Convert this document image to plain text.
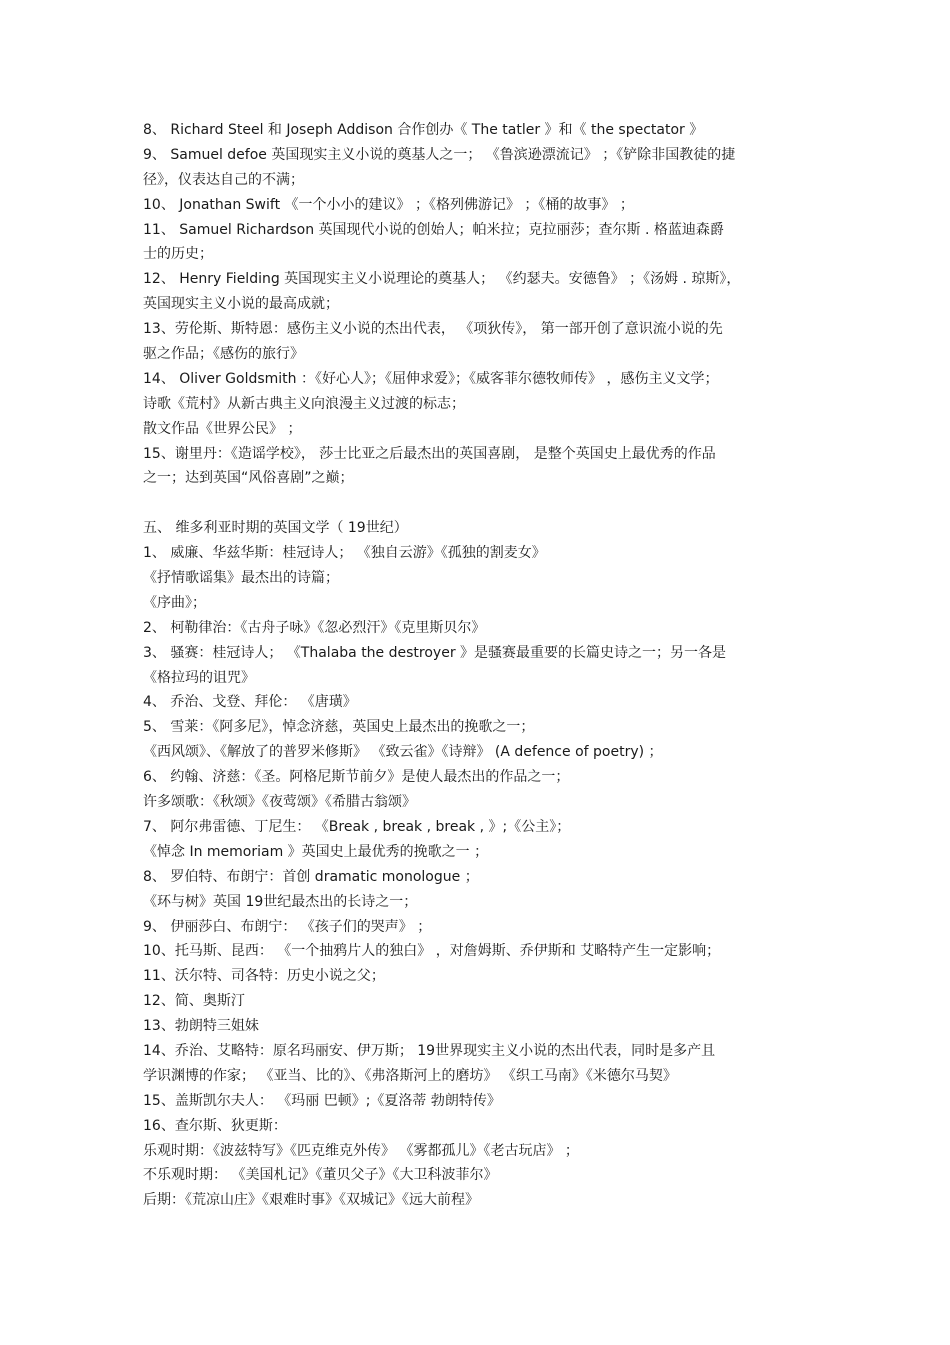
8、 Richard Steel 和 Joseph Addison 合作创办《 The tatler 》和《 the spectator 》
9、 Samuel defoe 英国现实主义小说的奠基人之一； 《鲁滨逊漂流记》 ；《铲除非国教徒的捷
径》，仪表达自己的不满；
10、 Jonathan Swift 《一个小小的建议》 ；《格列佛游记》 ；《桶的故事》 ；
11、 Samuel Richardson 英国现代小说的创始人；帕米拉；克拉丽莎；查尔斯 . 格蓝迪森爵
士的历史；
12、 Henry Fielding 英国现实主义小说理论的奠基人； 《约瑟夫。安德鲁》 ；《汤姆 . 琼斯》，
英国现实主义小说的最高成就；
13、劳伦斯、斯特恩：感伤主义小说的杰出代表， 《项狄传》， 第一部开创了意识流小说的先
驱之作品；《感伤的旅行》
14、 Oliver Goldsmith ：《好心人》；《屈伸求爱》；《威客菲尔德牧师传》 ，感伤主义文学；
诗歌《荒村》从新古典主义向浪漫主义过渡的标志；
散文作品《世界公民》 ；
15、谢里丹：《造谣学校》， 莎士比亚之后最杰出的英国喜剧， 是整个英国史上最优秀的作品
之一；达到英国“风俗喜剧”之巅；
五、 维多利亚时期的英国文学（ 19世纪）
1、 威廉、华兹华斯：桂冠诗人； 《独自云游》《孤独的割麦女》
《抒情歌谣集》最杰出的诗篇；
《序曲》；
2、 柯勒律治：《古舟子咏》《忽必烈汗》《克里斯贝尔》
3、 骚赛：桂冠诗人； 《Thalaba the destroyer 》是骚赛最重要的长篇史诗之一；另一各是
《格拉玛的诅咒》
4、 乔治、戈登、拜伦： 《唐璜》
5、 雪莱：《阿多尼》，悼念济慈，英国史上最杰出的挽歌之一；
《西风颂》、《解放了的普罗米修斯》 《致云雀》《诗辩》 (A defence of poetry) ；
6、 约翰、济慈：《圣。阿格尼斯节前夕》是使人最杰出的作品之一；
许多颂歌：《秋颂》《夜莺颂》《希腊古翁颂》
7、 阿尔弗雷德、丁尼生： 《Break , break , break , 》;《公主》；
《悼念 In memoriam 》英国史上最优秀的挽歌之一 ；
8、 罗伯特、布朗宁：首创 dramatic monologue ；
《环与树》英国 19世纪最杰出的长诗之一；
9、 伊丽莎白、布朗宁： 《孩子们的哭声》 ；
10、托马斯、昆西： 《一个抽鸦片人的独白》 ，对詹姆斯、乔伊斯和 艾略特产生一定影响；
11、沃尔特、司各特：历史小说之父；
12、简、奥斯汀
13、勃朗特三姐妹
14、乔治、艾略特：原名玛丽安、伊万斯； 19世界现实主义小说的杰出代表，同时是多产且
学识渊博的作家； 《亚当、比的》、《弗洛斯河上的磨坊》 《织工马南》《米德尔马契》
15、盖斯凯尔夫人： 《玛丽 巴顿》;《夏洛蒂 勃朗特传》
16、查尔斯、狄更斯：
乐观时期：《波兹特写》《匹克维克外传》 《雾都孤儿》《老古玩店》 ；
不乐观时期： 《美国札记》《董贝父子》《大卫科波菲尔》
后期：《荒凉山庄》《艰难时事》《双城记》《远大前程》
